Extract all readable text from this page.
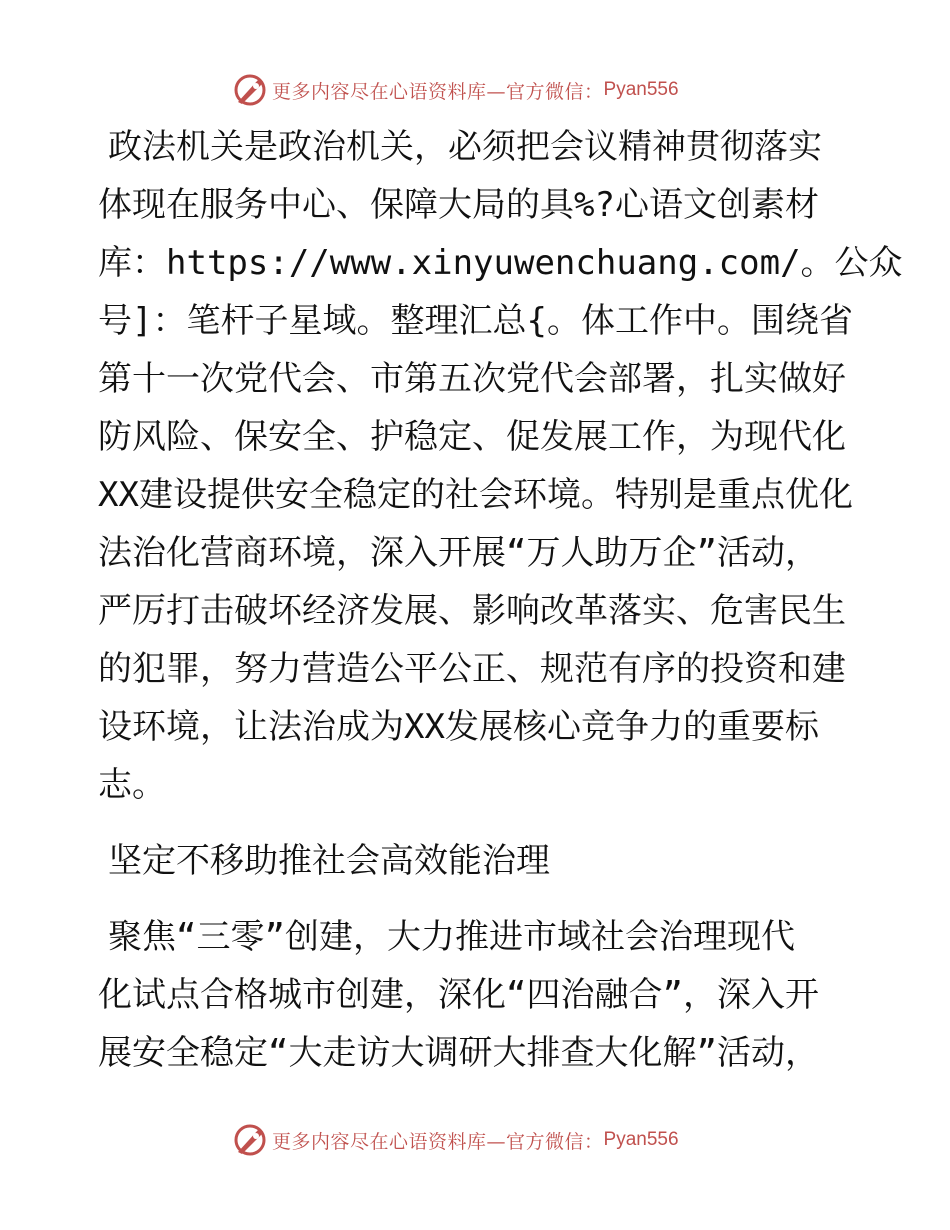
更多内容尽在心语资料库—官方微信： Pyan556
政法机关是政治机关，必须把会议精神贯彻落实
体现在服务中心、保障大局的具%?心语文创素材
库：https://www.xinyuwenchuang.com/。公众
号]：笔杆子星域。整理汇总{。体工作中。围绕省
第十一次党代会、市第五次党代会部署，扎实做好
防风险、保安全、护稳定、促发展工作，为现代化
XX建设提供安全稳定的社会环境。特别是重点优化
法治化营商环境，深入开展“万人助万企”活动，
严厉打击破坏经济发展、影响改革落实、危害民生
的犯罪，努力营造公平公正、规范有序的投资和建
设环境，让法治成为XX发展核心竞争力的重要标
志。
坚定不移助推社会高效能治理
聚焦“三零”创建，大力推进市域社会治理现代
化试点合格城市创建，深化“四治融合”，深入开
展安全稳定“大走访大调研大排查大化解”活动，
更多内容尽在心语资料库—官方微信： Pyan556
